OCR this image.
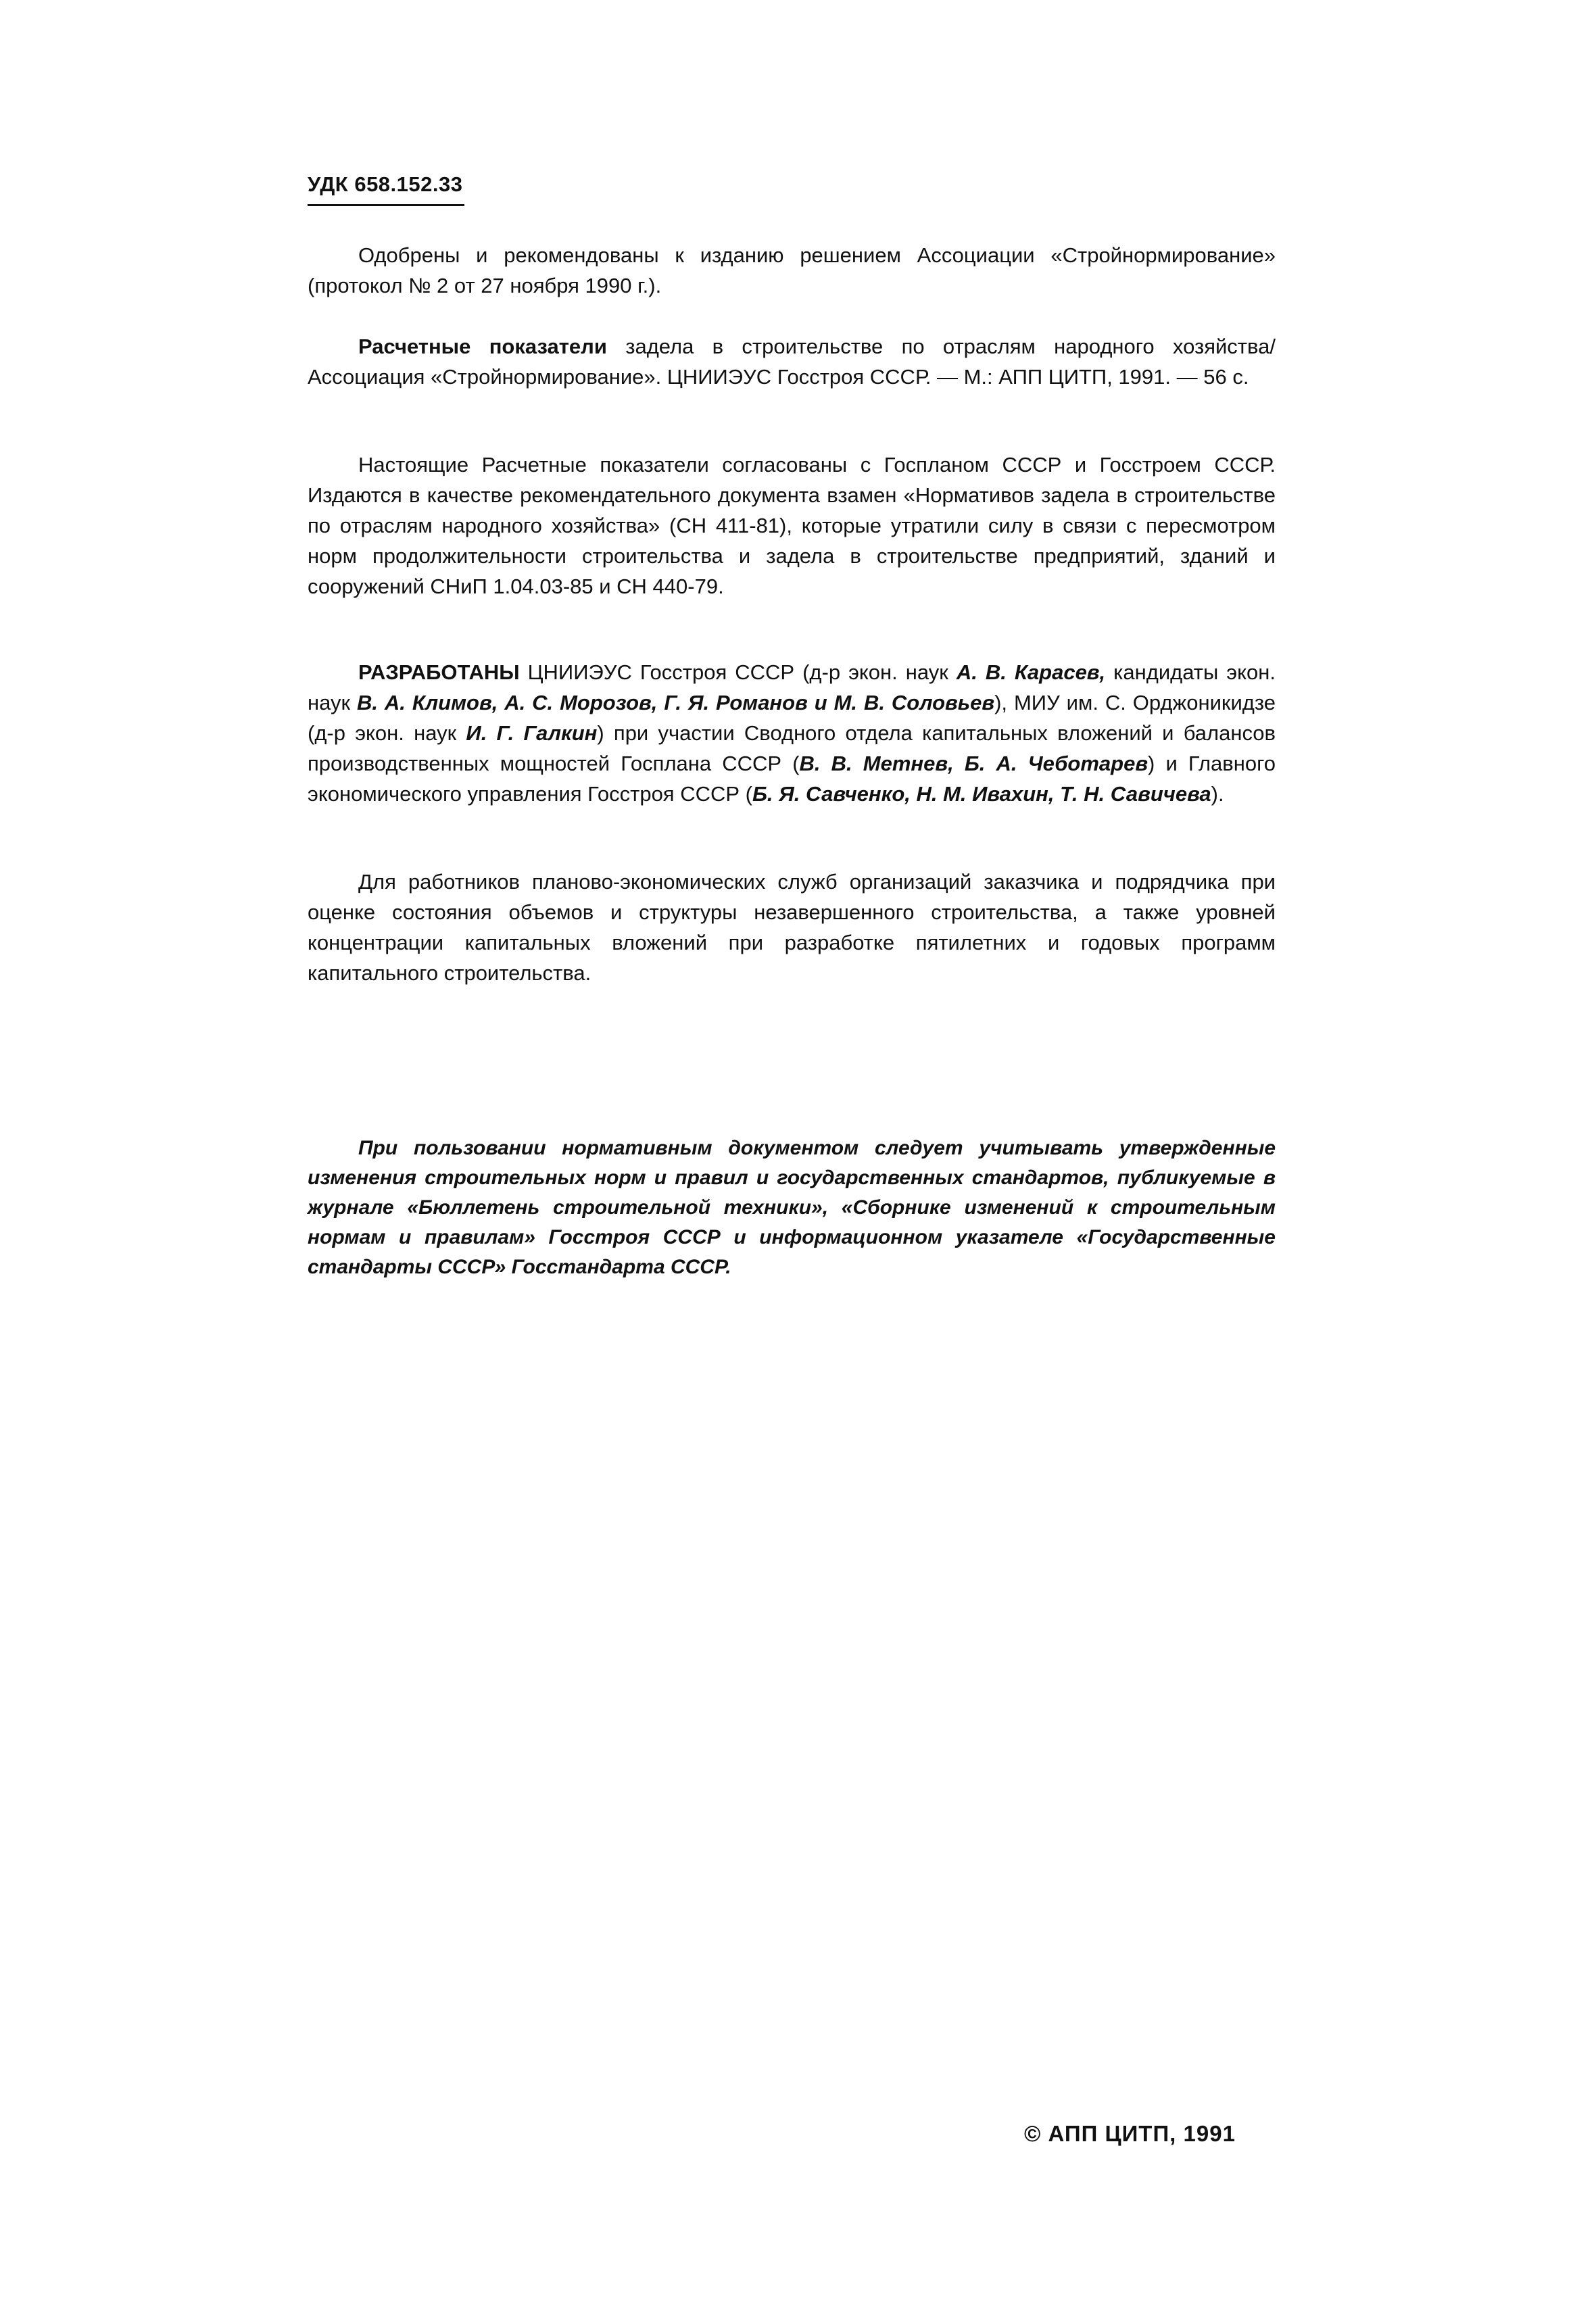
УДК 658.152.33

Одобрены и рекомендованы к изданию решением Ассоциации «Стройнормирование» (протокол № 2 от 27 ноября 1990 г.).

Расчетные показатели задела в строительстве по отраслям народного хозяйства/Ассоциация «Стройнормирование». ЦНИИЭУС Госстроя СССР. — М.: АПП ЦИТП, 1991. — 56 с.

Настоящие Расчетные показатели согласованы с Госпланом СССР и Госстроем СССР. Издаются в качестве рекомендательного документа взамен «Нормативов задела в строительстве по отраслям народного хозяйства» (СН 411-81), которые утратили силу в связи с пересмотром норм продолжительности строительства и задела в строительстве предприятий, зданий и сооружений СНиП 1.04.03-85 и СН 440-79.

РАЗРАБОТАНЫ ЦНИИЭУС Госстроя СССР (д-р экон. наук А. В. Карасев, кандидаты экон. наук В. А. Климов, А. С. Морозов, Г. Я. Романов и М. В. Соловьев), МИУ им. С. Орджоникидзе (д-р экон. наук И. Г. Галкин) при участии Сводного отдела капитальных вложений и балансов производственных мощностей Госплана СССР (В. В. Метнев, Б. А. Чеботарев) и Главного экономического управления Госстроя СССР (Б. Я. Савченко, Н. М. Ивахин, Т. Н. Савичева).

Для работников планово-экономических служб организаций заказчика и подрядчика при оценке состояния объемов и структуры незавершенного строительства, а также уровней концентрации капитальных вложений при разработке пятилетних и годовых программ капитального строительства.

При пользовании нормативным документом следует учитывать утвержденные изменения строительных норм и правил и государственных стандартов, публикуемые в журнале «Бюллетень строительной техники», «Сборнике изменений к строительным нормам и правилам» Госстроя СССР и информационном указателе «Государственные стандарты СССР» Госстандарта СССР.

© АПП ЦИТП, 1991
